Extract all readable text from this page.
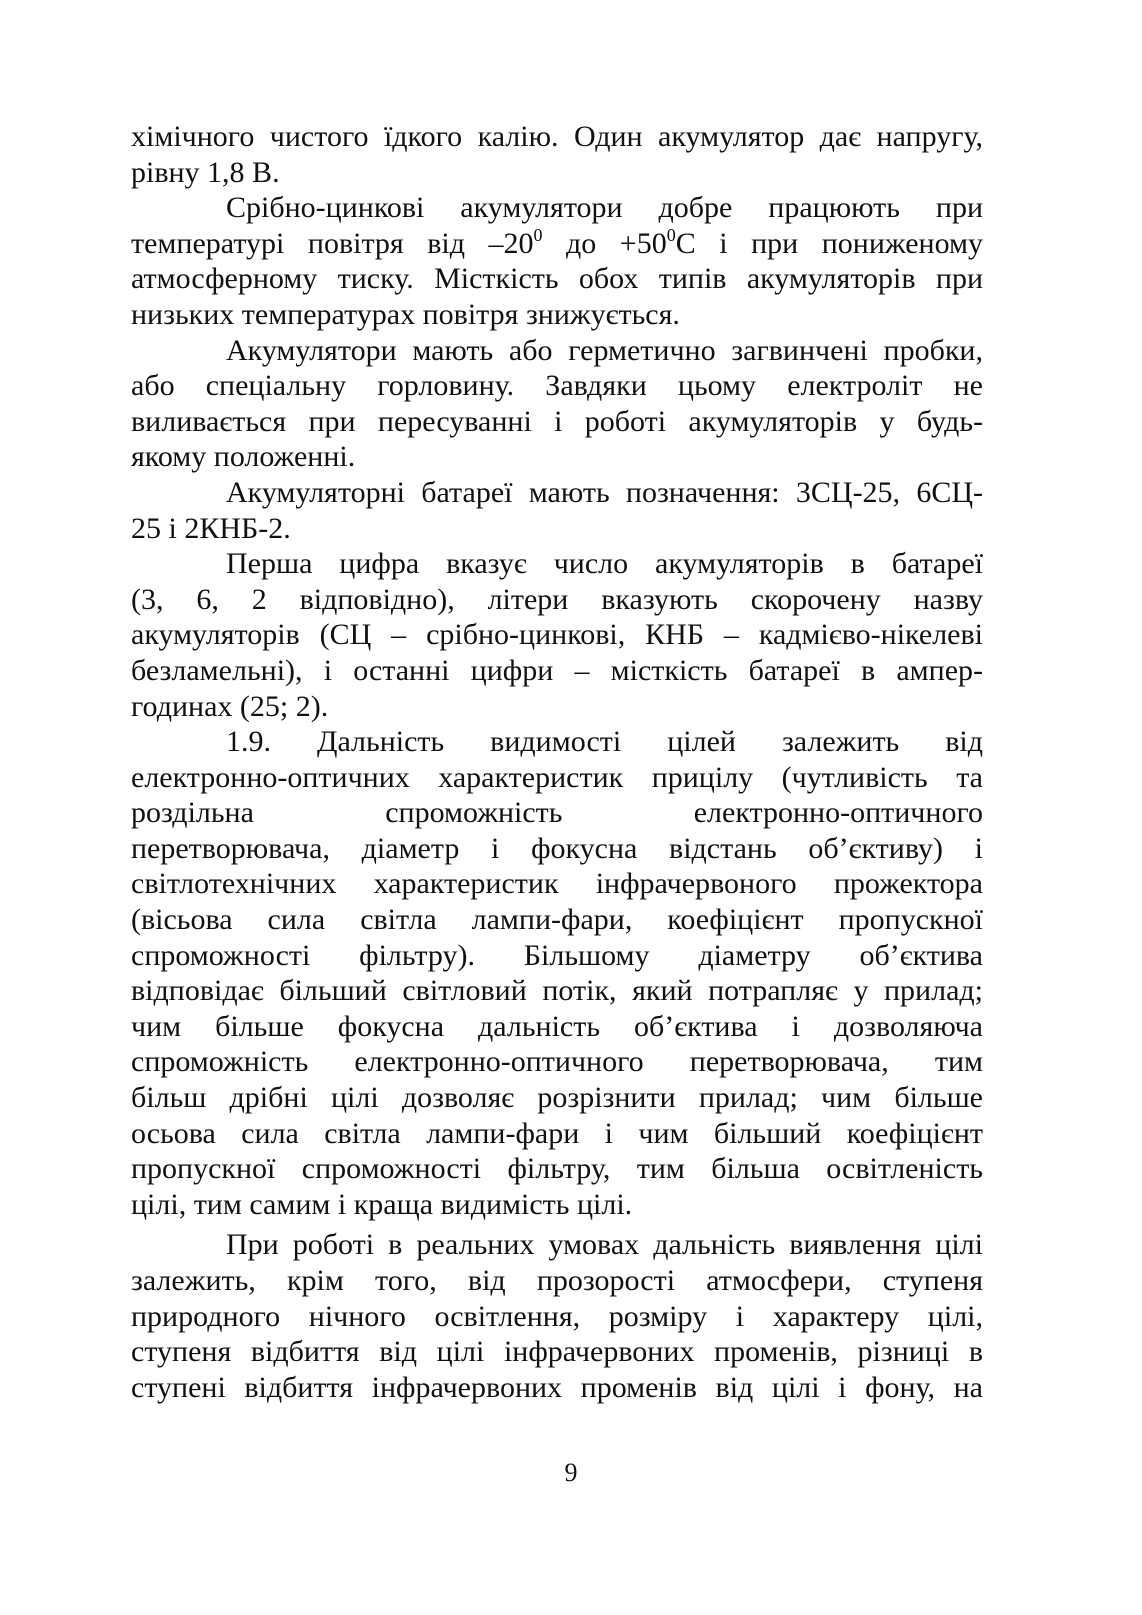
хімічного чистого їдкого калію. Один акумулятор дає напругу,
рівну 1,8 В.
Срібно-цинкові акумулятори добре працюють при
температурі повітря від $-20^0$ до $+50^0С$ і при пониженому
атмосферному тиску. Місткість обох типів акумуляторів при
низьких температурах повітря знижується.
Акумулятори мають або герметично загвинчені пробки,
або спеціальну горловину. Завдяки цьому електроліт не
виливається при пересуванні і роботі акумуляторів у будь-
якому положенні.
Акумуляторні батареї мають позначення: 3СЦ-25, 6СЦ-
25 і 2КНБ-2.
Перша цифра вказує число акумуляторів в батареї
(3, 6, 2 відповідно), літери вказують скорочену назву
акумуляторів (СЦ – срібно-цинкові, КНБ – кадмієво-нікелеві
безламельні), і останні цифри – місткість батареї в ампер-
годинах (25; 2).
1.9. Дальність видимості цілей залежить від
електронно-оптичних характеристик прицілу (чутливість та
роздільна спроможність електронно-оптичного
перетворювача, діаметр і фокусна відстань об’єктиву) і
світлотехнічних характеристик інфрачервоного прожектора
(вісьова сила світла лампи-фари, коефіцієнт пропускної
спроможності фільтру). Більшому діаметру об’єктива
відповідає більший світловий потік, який потрапляє у прилад;
чим більше фокусна дальність об’єктива і дозволяюча
спроможність електронно-оптичного перетворювача, тим
більш дрібні цілі дозволяє розрізнити прилад; чим більше
осьова сила світла лампи-фари і чим більший коефіцієнт
пропускної спроможності фільтру, тим більша освітленість
цілі, тим самим і краща видимість цілі.
При роботі в реальних умовах дальність виявлення цілі
залежить, крім того, від прозорості атмосфери, ступеня
природного нічного освітлення, розміру і характеру цілі,
ступеня відбиття від цілі інфрачервоних променів, різниці в
ступені відбиття інфрачервоних променів від цілі і фону, на
9
